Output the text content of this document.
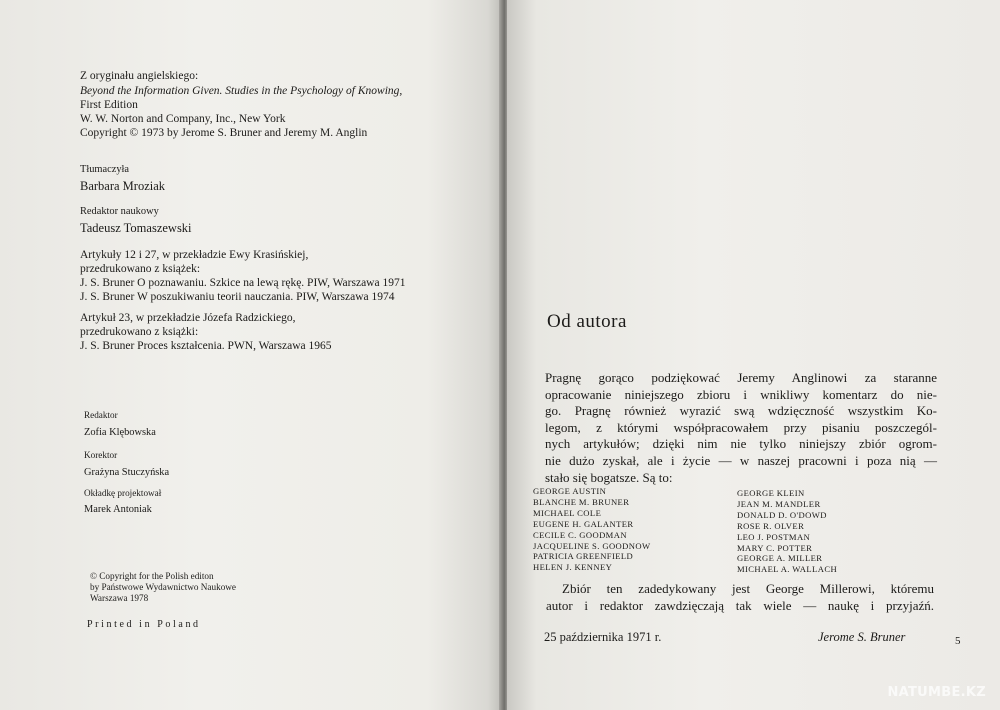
Z oryginału angielskiego:
Beyond the Information Given. Studies in the Psychology of Knowing,
First Edition
W. W. Norton and Company, Inc., New York
Copyright © 1973 by Jerome S. Bruner and Jeremy M. Anglin
Tłumaczyła
Barbara Mroziak
Redaktor naukowy
Tadeusz Tomaszewski
Artykuły 12 i 27, w przekładzie Ewy Krasińskiej,
przedrukowano z książek:
J. S. Bruner O poznawaniu. Szkice na lewą rękę. PIW, Warszawa 1971
J. S. Bruner W poszukiwaniu teorii nauczania. PIW, Warszawa 1974
Artykuł 23, w przekładzie Józefa Radzickiego,
przedrukowano z książki:
J. S. Bruner Proces kształcenia. PWN, Warszawa 1965
Redaktor
Zofia Klębowska
Korektor
Grażyna Stuczyńska
Okładkę projektował
Marek Antoniak
© Copyright for the Polish editon
by Państwowe Wydawnictwo Naukowe
Warszawa 1978
Printed in Poland
Od autora
Pragnę gorąco podziękować Jeremy Anglinowi za staranne
opracowanie niniejszego zbioru i wnikliwy komentarz do nie-
go. Pragnę również wyrazić swą wdzięczność wszystkim Ko-
legom, z którymi współpracowałem przy pisaniu poszczegól-
nych artykułów; dzięki nim nie tylko niniejszy zbiór ogrom-
nie dużo zyskał, ale i życie — w naszej pracowni i poza nią —
stało się bogatsze. Są to:
GEORGE AUSTIN
BLANCHE M. BRUNER
MICHAEL COLE
EUGENE H. GALANTER
CECILE C. GOODMAN
JACQUELINE S. GOODNOW
PATRICIA GREENFIELD
HELEN J. KENNEY
GEORGE KLEIN
JEAN M. MANDLER
DONALD D. O'DOWD
ROSE R. OLVER
LEO J. POSTMAN
MARY C. POTTER
GEORGE A. MILLER
MICHAEL A. WALLACH
Zbiór ten zadedykowany jest George Millerowi, któremu
autor i redaktor zawdzięczają tak wiele — naukę i przyjaźń.
25 października 1971 r.	Jerome S. Bruner	5
NATUMBE.KZ
